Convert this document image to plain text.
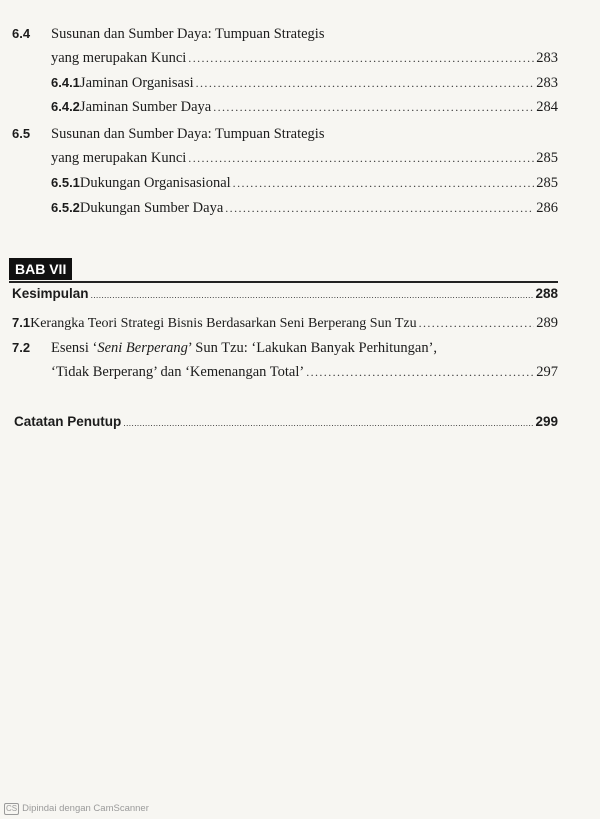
6.4	Susunan dan Sumber Daya: Tumpuan Strategis
yang merupakan Kunci .....	283
6.4.1 Jaminan Organisasi .....	283
6.4.2 Jaminan Sumber Daya .....	284
6.5	Susunan dan Sumber Daya: Tumpuan Strategis
yang merupakan Kunci .....	285
6.5.1 Dukungan Organisasional .....	285
6.5.2 Dukungan Sumber Daya .....	286
BAB VII
Kesimpulan .....	288
7.1 Kerangka Teori Strategi Bisnis Berdasarkan Seni Berperang Sun Tzu .....	289
7.2	Esensi ‘Seni Berperang’ Sun Tzu: ‘Lakukan Banyak Perhitungan’,
‘Tidak Berperang’ dan ‘Kemenangan Total’ .....	297
Catatan Penutup .....	299
CS Dipindai dengan CamScanner
